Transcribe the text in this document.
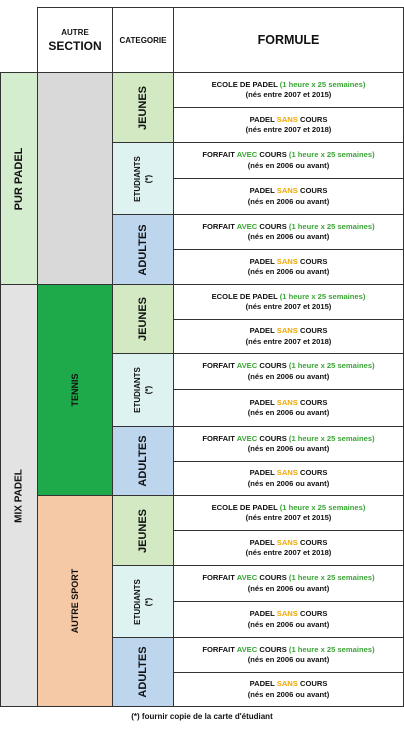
AUTRE
SECTION CATEGORIE	FORMULE
PUR PADEL
MIX PADEL
TENNIS
AUTRE SPORT
JEUNES
ETUDIANTS (*)
ADULTES
JEUNES
ETUDIANTS (*)
ADULTES
JEUNES
ETUDIANTS (*)
ADULTES
ECOLE DE PADEL (1 heure x 25 semaines)
(nés entre 2007 et 2015)
PADEL SANS COURS
(nés entre 2007 et 2018)
FORFAIT AVEC COURS (1 heure x 25 semaines)
(nés en 2006 ou avant)
PADEL SANS COURS
(nés en 2006 ou avant)
FORFAIT AVEC COURS (1 heure x 25 semaines)
(nés en 2006 ou avant)
PADEL SANS COURS
(nés en 2006 ou avant)
ECOLE DE PADEL (1 heure x 25 semaines)
(nés entre 2007 et 2015)
PADEL SANS COURS
(nés entre 2007 et 2018)
FORFAIT AVEC COURS (1 heure x 25 semaines)
(nés en 2006 ou avant)
PADEL SANS COURS
(nés en 2006 ou avant)
FORFAIT AVEC COURS (1 heure x 25 semaines)
(nés en 2006 ou avant)
PADEL SANS COURS
(nés en 2006 ou avant)
ECOLE DE PADEL (1 heure x 25 semaines)
(nés entre 2007 et 2015)
PADEL SANS COURS
(nés entre 2007 et 2018)
FORFAIT AVEC COURS (1 heure x 25 semaines)
(nés en 2006 ou avant)
PADEL SANS COURS
(nés en 2006 ou avant)
FORFAIT AVEC COURS (1 heure x 25 semaines)
(nés en 2006 ou avant)
PADEL SANS COURS
(nés en 2006 ou avant)
(*) fournir copie de la carte d'étudiant
